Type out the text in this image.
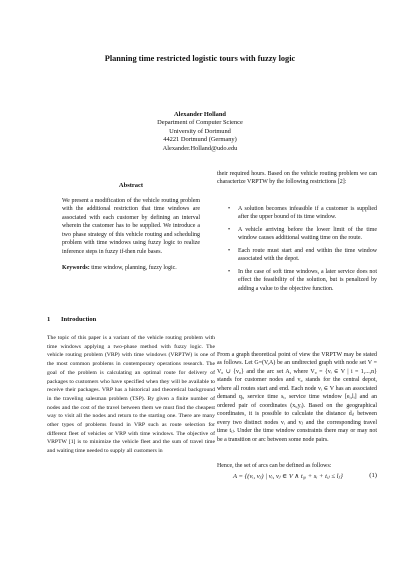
Planning time restricted logistic tours with fuzzy logic
Alexander Holland
Department of Computer Science
University of Dortmund
44221 Dortmund (Germany)
Alexander.Holland@udo.edu
Abstract
We present a modification of the vehicle routing problem with the additional restriction that time windows are associated with each customer by defining an interval wherein the customer has to be supplied. We introduce a two phase strategy of this vehicle routing and scheduling problem with time windows using fuzzy logic to realize inference steps in fuzzy if-then rule bases.
Keywords: time window, planning, fuzzy logic.
1 Introduction
The topic of this paper is a variant of the vehicle routing problem with time windows applying a two-phase method with fuzzy logic. The vehicle routing problem (VRP) with time windows (VRPTW) is one of the most common problems in contemporary operations research. The goal of the problem is calculating an optimal route for delivery of packages to customers who have specified when they will be available to receive their packages. VRP has a historical and theoretical background in the traveling salesman problem (TSP). By given a finite number of nodes and the cost of the travel between them we must find the cheapest way to visit all the nodes and return to the starting one. There are many other types of problems found in VRP such as route selection for different fleet of vehicles or VRP with time windows. The objective of VRPTW [1] is to minimize the vehicle fleet and the sum of travel time and waiting time needed to supply all customers in
their required hours. Based on the vehicle routing problem we can characterize VRPTW by the following restrictions [2]:
• A solution becomes infeasible if a customer is supplied after the upper bound of its time window.
• A vehicle arriving before the lower limit of the time window causes additional waiting time on the route.
• Each route must start and end within the time window associated with the depot.
• In the case of soft time windows, a later service does not effect the feasibility of the solution, but is penalized by adding a value to the objective function.
From a graph theoretical point of view the VRPTW may be stated as follows. Let G=(V,A) be an undirected graph with node set V = V₀ ∪ {v₀} and the arc set A, where V₀ = {vᵢ ∈ V | i = 1,...,n} stands for customer nodes and v₀ stands for the central depot, where all routes start and end. Each node vᵢ ∈ V has an associated demand qᵢ, service time sᵢ, service time window [eᵢ,lᵢ] and an ordered pair of coordinates (xᵢ,yᵢ). Based on the geographical coordinates, it is possible to calculate the distance dᵢⱼ between every two distinct nodes vᵢ and vⱼ and the corresponding travel time tᵢⱼ. Under the time window constraints there may or may not be a transition or arc between some node pairs.
Hence, the set of arcs can be defined as follows:
A = {(vᵢ, vⱼ) | vᵢ, vⱼ ∈ V ∧ t₀ᵢ + sᵢ + tᵢⱼ ≤ lⱼ}	(1)
